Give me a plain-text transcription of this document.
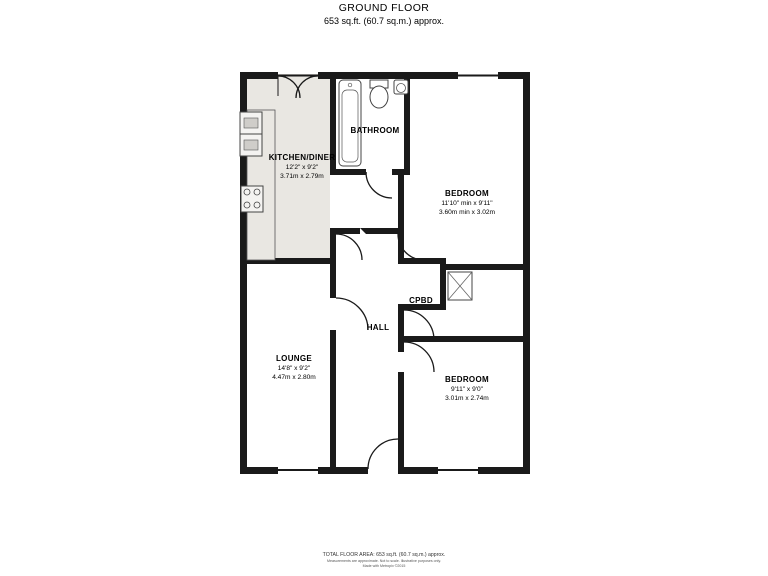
GROUND FLOOR
653 sq.ft. (60.7 sq.m.) approx.
KITCHEN/DINER
12'2" x 9'2"
3.71m x 2.79m
BATHROOM
BEDROOM
11'10" min x 9'11"
3.60m min x 3.02m
CPBD
HALL
LOUNGE
14'8" x 9'2"
4.47m x 2.80m	BEDROOM
9'11" x 9'0"
3.01m x 2.74m
TOTAL FLOOR AREA: 653 sq.ft. (60.7 sq.m.) approx.
Measurements are approximate. Not to scale. Illustrative purposes only.
Made with Metropix ©2015
